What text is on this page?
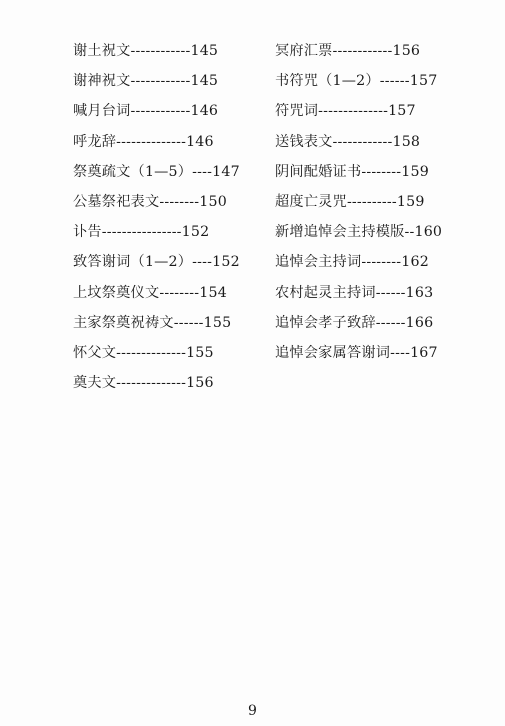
谢土祝文------------145
谢神祝文------------145
喊月台词------------146
呼龙辞--------------146
祭奠疏文（1—5）----147
公墓祭祀表文--------150
讣告----------------152
致答谢词（1—2）----152
上坟祭奠仪文--------154
主家祭奠祝祷文------155
怀父文--------------155
奠夫文--------------156
冥府汇票------------156
书符咒（1—2）------157
符咒词--------------157
送钱表文------------158
阴间配婚证书--------159
超度亡灵咒----------159
新增追悼会主持模版--160
追悼会主持词--------162
农村起灵主持词------163
追悼会孝子致辞------166
追悼会家属答谢词----167
9
